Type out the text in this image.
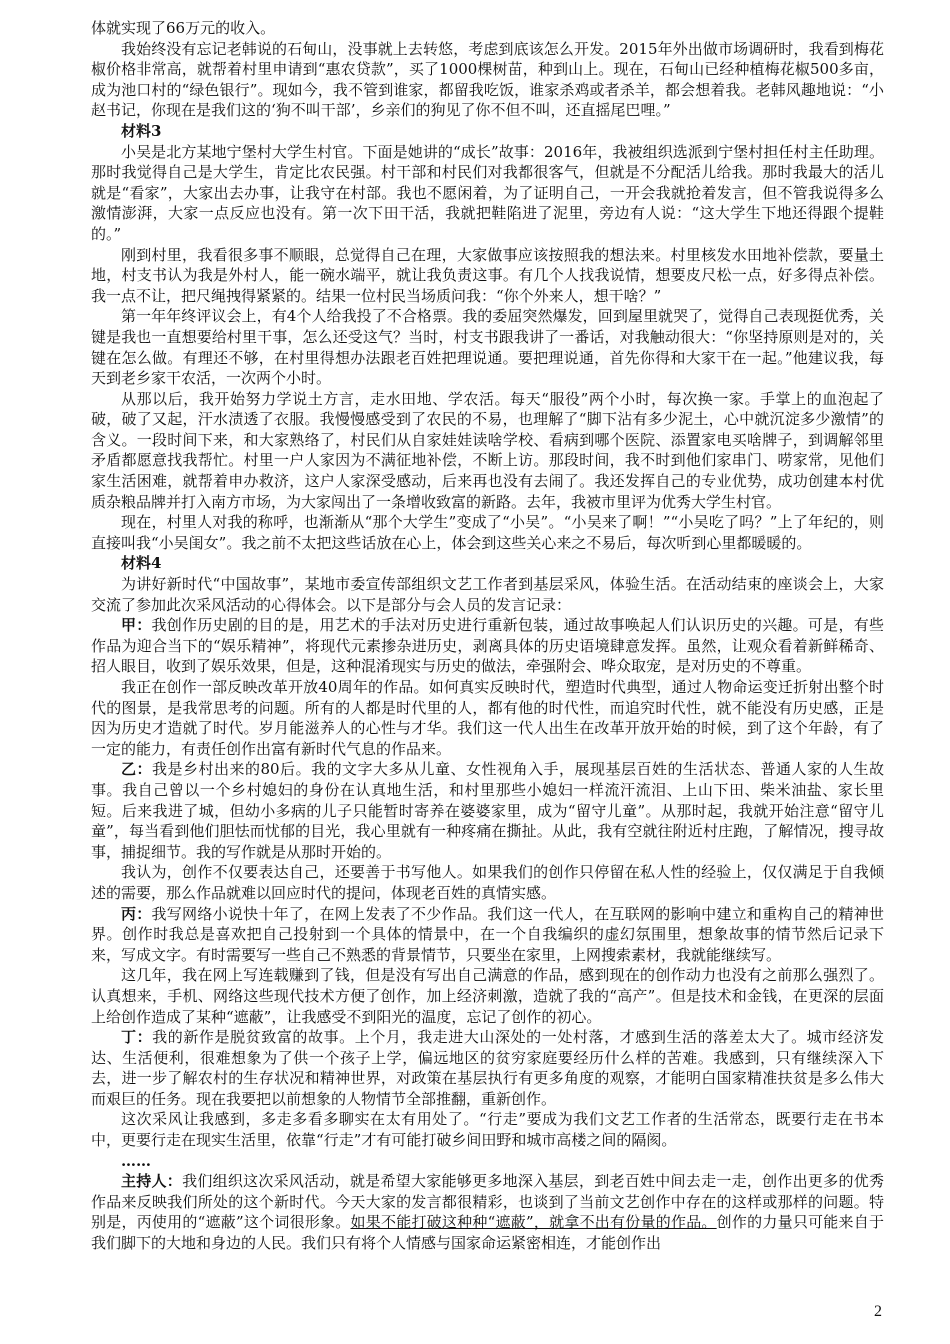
体就实现了66万元的收入。

我始终没有忘记老韩说的石甸山，没事就上去转悠，考虑到底该怎么开发。2015年外出做市场调研时，我看到梅花椒价格非常高，就帮着村里申请到“惠农贷款”，买了1000棵树苗，种到山上。现在，石甸山已经种植梅花椒500多亩，成为池口村的“绿色银行”。现如今，我不管到谁家，都留我吃饭，谁家杀鸡或者杀羊，都会想着我。老韩风趣地说：“小赵书记，你现在是我们这的‘狗不叫干部’，乡亲们的狗见了你不但不叫，还直摇尾巴哩。”

材料3

小吴是北方某地宁堡村大学生村官。下面是她讲的“成长”故事：2016年，我被组织选派到宁堡村担任村主任助理。那时我觉得自己是大学生，肯定比农民强。村干部和村民们对我都很客气，但就是不分配活儿给我。那时我最大的活儿就是“看家”，大家出去办事，让我守在村部。我也不愿闲着，为了证明自己，一开会我就抢着发言，但不管我说得多么激情澎湃，大家一点反应也没有。第一次下田干活，我就把鞋陷进了泥里，旁边有人说：“这大学生下地还得跟个提鞋的。”

刚到村里，我看很多事不顺眼，总觉得自己在理，大家做事应该按照我的想法来。村里核发水田地补偿款，要量土地，村支书认为我是外村人，能一碗水端平，就让我负责这事。有几个人找我说情，想要皮尺松一点，好多得点补偿。我一点不让，把尺绳拽得紧紧的。结果一位村民当场质问我：“你个外来人，想干啥？”

第一年年终评议会上，有4个人给我投了不合格票。我的委屈突然爆发，回到屋里就哭了，觉得自己表现挺优秀，关键是我也一直想要给村里干事，怎么还受这气？当时，村支书跟我讲了一番话，对我触动很大：“你坚持原则是对的，关键在怎么做。有理还不够，在村里得想办法跟老百姓把理说通。要把理说通，首先你得和大家干在一起。”他建议我，每天到老乡家干农活，一次两个小时。

从那以后，我开始努力学说土方言，走水田地、学农活。每天“服役”两个小时，每次换一家。手掌上的血泡起了破，破了又起，汗水渍透了衣服。我慢慢感受到了农民的不易，也理解了“脚下沾有多少泥土，心中就沉淀多少激情”的含义。一段时间下来，和大家熟络了，村民们从自家娃娃读啥学校、看病到哪个医院、添置家电买啥牌子，到调解邻里矛盾都愿意找我帮忙。村里一户人家因为不满征地补偿，不断上访。那段时间，我不时到他们家串门、唠家常，见他们家生活困难，就帮着申办救济，这户人家深受感动，后来再也没有去闹了。我还发挥自己的专业优势，成功创建本村优质杂粮品牌并打入南方市场，为大家闯出了一条增收致富的新路。去年，我被市里评为优秀大学生村官。

现在，村里人对我的称呼，也渐渐从“那个大学生”变成了“小吴”。“小吴来了啊！”“小吴吃了吗？”上了年纪的，则直接叫我“小吴闺女”。我之前不太把这些话放在心上，体会到这些关心来之不易后，每次听到心里都暖暖的。

材料4

为讲好新时代“中国故事”，某地市委宣传部组织文艺工作者到基层采风，体验生活。在活动结束的座谈会上，大家交流了参加此次采风活动的心得体会。以下是部分与会人员的发言记录：

甲：我创作历史剧的目的是，用艺术的手法对历史进行重新包装，通过故事唤起人们认识历史的兴趣。可是，有些作品为迎合当下的“娱乐精神”，将现代元素掺杂进历史，剥离具体的历史语境肆意发挥。虽然，让观众看着新鲜稀奇、招人眼目，收到了娱乐效果，但是，这种混淆现实与历史的做法，牵强附会、哗众取宠，是对历史的不尊重。

我正在创作一部反映改革开放40周年的作品。如何真实反映时代，塑造时代典型，通过人物命运变迁折射出整个时代的图景，是我常思考的问题。所有的人都是时代里的人，都有他的时代性，而追究时代性，就不能没有历史感，正是因为历史才造就了时代。岁月能滋养人的心性与才华。我们这一代人出生在改革开放开始的时候，到了这个年龄，有了一定的能力，有责任创作出富有新时代气息的作品来。

乙：我是乡村出来的80后。我的文字大多从儿童、女性视角入手，展现基层百姓的生活状态、普通人家的人生故事。我自己曾以一个乡村媳妇的身份在认真地生活，和村里那些小媳妇一样流汗流泪、上山下田、柴米油盐、家长里短。后来我进了城，但幼小多病的儿子只能暂时寄养在婆婆家里，成为“留守儿童”。从那时起，我就开始注意“留守儿童”，每当看到他们胆怯而忧郁的目光，我心里就有一种疼痛在撕扯。从此，我有空就往附近村庄跑，了解情况，搜寻故事，捕捉细节。我的写作就是从那时开始的。

我认为，创作不仅要表达自己，还要善于书写他人。如果我们的创作只停留在私人性的经验上，仅仅满足于自我倾述的需要，那么作品就难以回应时代的提问，体现老百姓的真情实感。

丙：我写网络小说快十年了，在网上发表了不少作品。我们这一代人，在互联网的影响中建立和重构自己的精神世界。创作时我总是喜欢把自己投射到一个具体的情景中，在一个自我编织的虚幻氛围里，想象故事的情节然后记录下来，写成文字。有时需要写一些自己不熟悉的背景情节，只要坐在家里，上网搜索素材，我就能继续写。

这几年，我在网上写连载赚到了钱，但是没有写出自己满意的作品，感到现在的创作动力也没有之前那么强烈了。认真想来，手机、网络这些现代技术方便了创作，加上经济刺激，造就了我的“高产”。但是技术和金钱，在更深的层面上给创作造成了某种“遮蔽”，让我感受不到阳光的温度，忘记了创作的初心。

丁：我的新作是脱贫致富的故事。上个月，我走进大山深处的一处村落，才感到生活的落差太大了。城市经济发达、生活便利，很难想象为了供一个孩子上学，偏远地区的贫穷家庭要经历什么样的苦难。我感到，只有继续深入下去，进一步了解农村的生存状况和精神世界，对政策在基层执行有更多角度的观察，才能明白国家精准扶贫是多么伟大而艰巨的任务。现在我要把以前想象的人物情节全部推翻，重新创作。

这次采风让我感到，多走多看多聊实在太有用处了。“行走”要成为我们文艺工作者的生活常态，既要行走在书本中，更要行走在现实生活里，依靠“行走”才有可能打破乡间田野和城市高楼之间的隔阂。

……

主持人：我们组织这次采风活动，就是希望大家能够更多地深入基层，到老百姓中间去走一走，创作出更多的优秀作品来反映我们所处的这个新时代。今天大家的发言都很精彩，也谈到了当前文艺创作中存在的这样或那样的问题。特别是，丙使用的“遮蔽”这个词很形象。如果不能打破这种种“遮蔽”，就拿不出有份量的作品。创作的力量只可能来自于我们脚下的大地和身边的人民。我们只有将个人情感与国家命运紧密相连，才能创作出

2
